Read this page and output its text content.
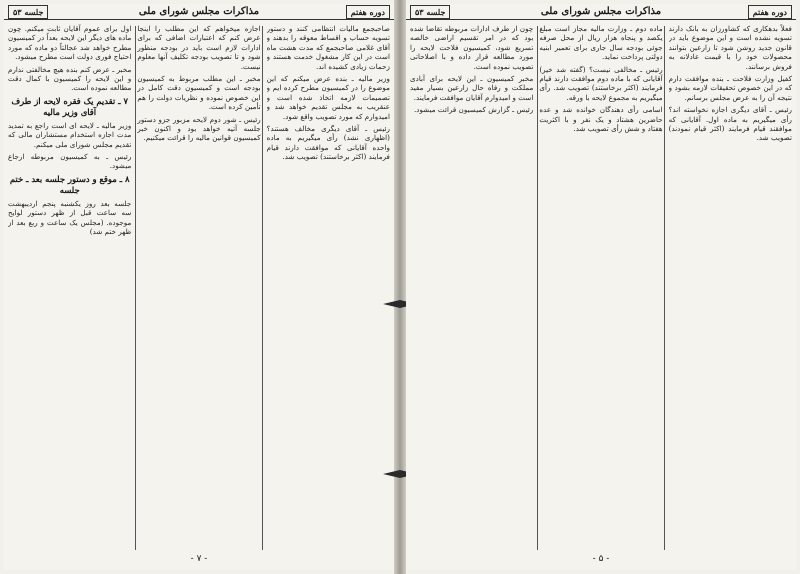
دوره هفتم
مذاکرات مجلس شورای ملی
جلسه ۵۳

صاحبجمع مالیات انتظامی کنند و دستور تسویه حساب و اقساط معوقه را بدهند و آقای غلامی صاحبجمع که مدت هشت ماه است در این کار مشغول خدمت هستند و زحمات زیادی کشیده اند.

وزیر مالیه ـ بنده عرض میکنم که این موضوع را در کمیسیون مطرح کرده ایم و تصمیمات لازمه اتخاذ شده است و عنقریب به مجلس تقدیم خواهد شد و امیدوارم که مورد تصویب واقع شود.

رئیس ـ آقای دیگری مخالف هستند؟ (اظهاری نشد) رأی میگیریم به ماده واحده آقایانی که موافقت دارند قیام فرمایند (اکثر برخاستند) تصویب شد.

اجازه میخواهم که این مطلب را اینجا عرض کنم که اعتبارات اضافی که برای ادارات لازم است باید در بودجه منظور شود و تا تصویب بودجه تکلیف آنها معلوم نیست.

مخبر ـ این مطلب مربوط به کمیسیون بودجه است و کمیسیون دقت کامل در این خصوص نموده و نظریات دولت را هم تأمین کرده است.

رئیس ـ شور دوم لایحه مزبور جزو دستور جلسه آتیه خواهد بود و اکنون خبر کمیسیون قوانین مالیه را قرائت میکنیم.

اول برای عموم آقایان ثابت میکنم. چون ماده های دیگر این لایحه بعداً در کمیسیون مطرح خواهد شد عجالتاً دو ماده که مورد احتیاج فوری دولت است مطرح میشود.

مخبر ـ عرض کنم بنده هیچ مخالفتی ندارم و این لایحه را کمیسیون با کمال دقت مطالعه نموده است.

۷ ـ تقدیم یک فقره لایحه از طرف آقای وزیر مالیه

وزیر مالیه ـ لایحه ای است راجع به تمدید مدت اجازه استخدام مستشاران مالی که تقدیم مجلس شورای ملی میکنم.

رئیس ـ به کمیسیون مربوطه ارجاع میشود.

۸ ـ موقع و دستور جلسه بعد ـ ختم جلسه

جلسه بعد روز یکشنبه پنجم اردیبهشت سه ساعت قبل از ظهر دستور لوایح موجوده. (مجلس یک ساعت و ربع بعد از ظهر ختم شد)

- ۷ -
دوره هفتم
مذاکرات مجلس شورای ملی
جلسه ۵۳

فعلاً بدهکاری که کشاورزان به بانک دارند تسویه نشده است و این موضوع باید در قانون جدید روشن شود تا زارعین بتوانند محصولات خود را با قیمت عادلانه به فروش برسانند.

کفیل وزارت فلاحت ـ بنده موافقت دارم که در این خصوص تحقیقات لازمه بشود و نتیجه آن را به عرض مجلس برسانم.

رئیس ـ آقای دیگری اجازه نخواسته اند؟ رأی میگیریم به ماده اول. آقایانی که موافقند قیام فرمایند (اکثر قیام نمودند) تصویب شد.

ماده دوم ـ وزارت مالیه مجاز است مبلغ یکصد و پنجاه هزار ریال از محل صرفه جوئی بودجه سال جاری برای تعمیر ابنیه دولتی پرداخت نماید.

رئیس ـ مخالفی نیست؟ (گفته شد خیر) آقایانی که با ماده دوم موافقت دارند قیام فرمایند (اکثر برخاستند) تصویب شد. رأی میگیریم به مجموع لایحه با ورقه.

اسامی رأی دهندگان خوانده شد و عده حاضرین هشتاد و یک نفر و با اکثریت هفتاد و شش رأی تصویب شد.

چون از طرف ادارات مربوطه تقاضا شده بود که در امر تقسیم اراضی خالصه تسریع شود، کمیسیون فلاحت لایحه را مورد مطالعه قرار داده و با اصلاحاتی تصویب نموده است.

مخبر کمیسیون ـ این لایحه برای آبادی مملکت و رفاه حال زارعین بسیار مفید است و امیدوارم آقایان موافقت فرمایند.

رئیس ـ گزارش کمیسیون قرائت میشود.

- ۵ -
